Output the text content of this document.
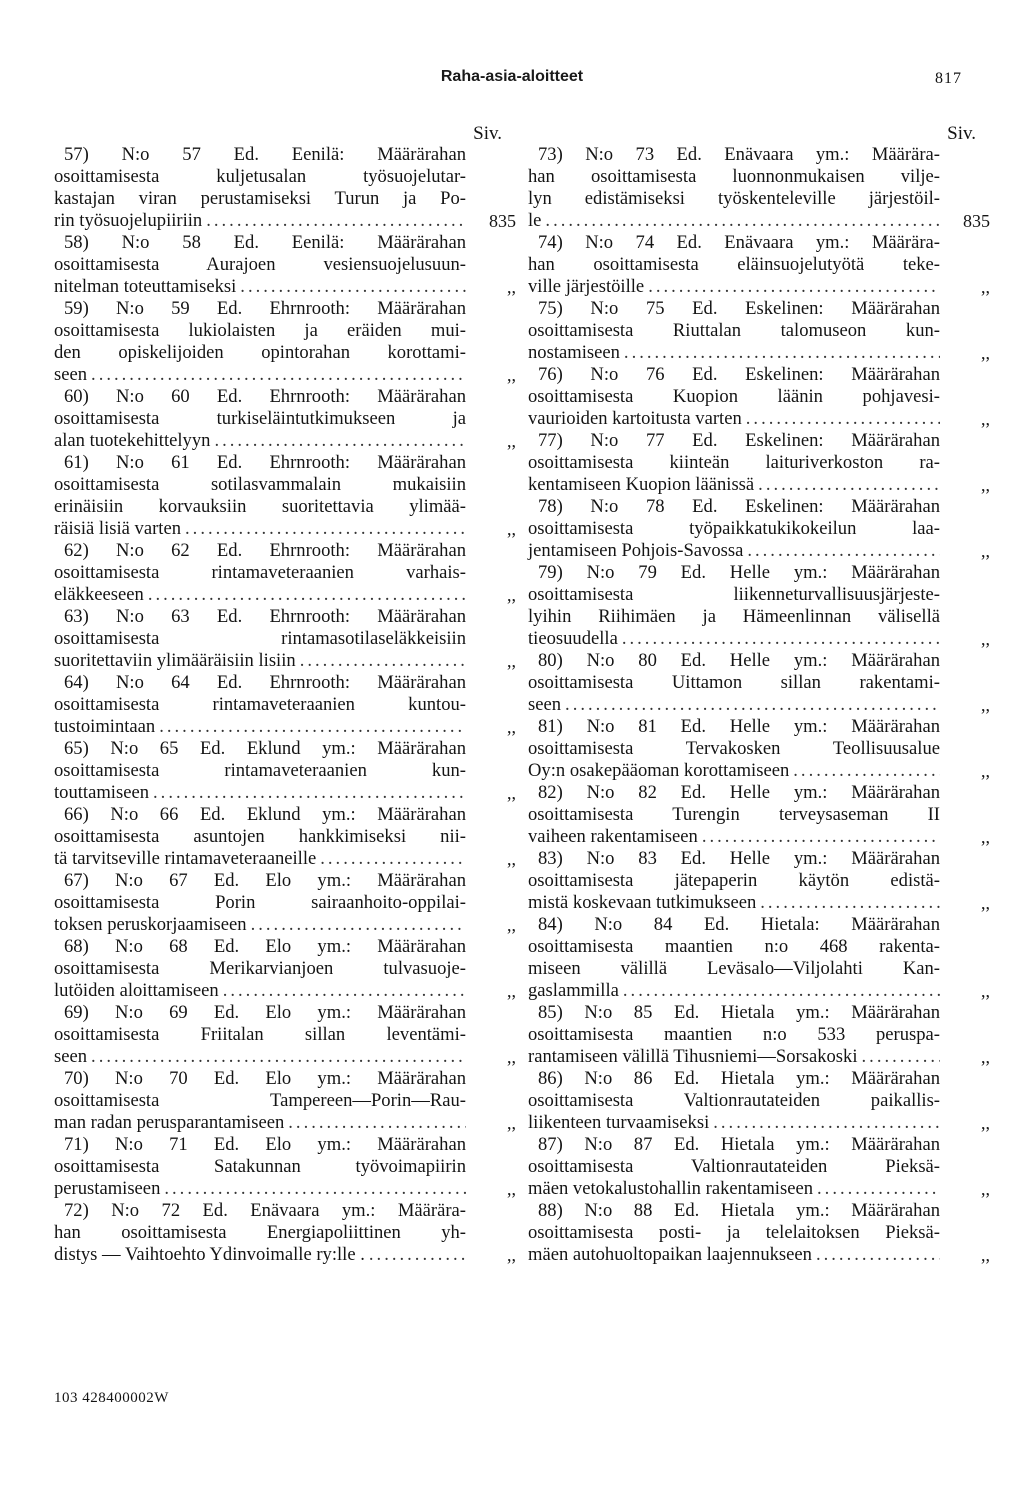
Raha-asia-aloitteet	817
Siv.
57) N:o 57 Ed. Eenilä: Määrärahan
osoittamisesta kuljetusalan työsuojelutar-
kastajan viran perustamiseksi Turun ja Po-
rin työsuojelupiiriin .....	835
58) N:o 58 Ed. Eenilä: Määrärahan
osoittamisesta Aurajoen vesiensuojelusuun-
nitelman toteuttamiseksi .....	,,
59) N:o 59 Ed. Ehrnrooth: Määrärahan
osoittamisesta lukiolaisten ja eräiden mui-
den opiskelijoiden opintorahan korottami-
seen .....	,,
60) N:o 60 Ed. Ehrnrooth: Määrärahan
osoittamisesta turkiseläintutkimukseen ja
alan tuotekehittelyyn .....	,,
61) N:o 61 Ed. Ehrnrooth: Määrärahan
osoittamisesta sotilasvammalain mukaisiin
erinäisiin korvauksiin suoritettavia ylimää-
räisiä lisiä varten .....	,,
62) N:o 62 Ed. Ehrnrooth: Määrärahan
osoittamisesta rintamaveteraanien varhais-
eläkkeeseen .....	,,
63) N:o 63 Ed. Ehrnrooth: Määrärahan
osoittamisesta rintamasotilaseläkkeisiin
suoritettaviin ylimääräisiin lisiin .....	,,
64) N:o 64 Ed. Ehrnrooth: Määrärahan
osoittamisesta rintamaveteraanien kuntou-
tustoimintaan .....	,,
65) N:o 65 Ed. Eklund ym.: Määrärahan
osoittamisesta rintamaveteraanien kun-
touttamiseen .....	,,
66) N:o 66 Ed. Eklund ym.: Määrärahan
osoittamisesta asuntojen hankkimiseksi nii-
tä tarvitseville rintamaveteraaneille .....	,,
67) N:o 67 Ed. Elo ym.: Määrärahan
osoittamisesta Porin sairaanhoito-oppilai-
toksen peruskorjaamiseen .....	,,
68) N:o 68 Ed. Elo ym.: Määrärahan
osoittamisesta Merikarvianjoen tulvasuoje-
lutöiden aloittamiseen .....	,,
69) N:o 69 Ed. Elo ym.: Määrärahan
osoittamisesta Friitalan sillan leventämi-
seen .....	,,
70) N:o 70 Ed. Elo ym.: Määrärahan
osoittamisesta Tampereen—Porin—Rau-
man radan perusparantamiseen .....	,,
71) N:o 71 Ed. Elo ym.: Määrärahan
osoittamisesta Satakunnan työvoimapiirin
perustamiseen .....	,,
72) N:o 72 Ed. Enävaara ym.: Määrära-
han osoittamisesta Energiapoliittinen yh-
distys — Vaihtoehto Ydinvoimalle ry:lle . .....	,,
Siv.
73) N:o 73 Ed. Enävaara ym.: Määrära-
han osoittamisesta luonnonmukaisen vilje-
lyn edistämiseksi työskenteleville järjestöil-
le .....	835
74) N:o 74 Ed. Enävaara ym.: Määrära-
han osoittamisesta eläinsuojelutyötä teke-
ville järjestöille .....	,,
75) N:o 75 Ed. Eskelinen: Määrärahan
osoittamisesta Riuttalan talomuseon kun-
nostamiseen .....	,,
76) N:o 76 Ed. Eskelinen: Määrärahan
osoittamisesta Kuopion läänin pohjavesi-
vaurioiden kartoitusta varten .....	,,
77) N:o 77 Ed. Eskelinen: Määrärahan
osoittamisesta kiinteän laituriverkoston ra-
kentamiseen Kuopion läänissä .....	,,
78) N:o 78 Ed. Eskelinen: Määrärahan
osoittamisesta työpaikkatukikokeilun laa-
jentamiseen Pohjois-Savossa .....	,,
79) N:o 79 Ed. Helle ym.: Määrärahan
osoittamisesta liikenneturvallisuusjärjeste-
lyihin Riihimäen ja Hämeenlinnan välisellä
tieosuudella .....	,,
80) N:o 80 Ed. Helle ym.: Määrärahan
osoittamisesta Uittamon sillan rakentami-
seen .....	,,
81) N:o 81 Ed. Helle ym.: Määrärahan
osoittamisesta Tervakosken Teollisuusalue
Oy:n osakepääoman korottamiseen .....	,,
82) N:o 82 Ed. Helle ym.: Määrärahan
osoittamisesta Turengin terveysaseman II
vaiheen rakentamiseen .....	,,
83) N:o 83 Ed. Helle ym.: Määrärahan
osoittamisesta jätepaperin käytön edistä-
mistä koskevaan tutkimukseen .....	,,
84) N:o 84 Ed. Hietala: Määrärahan
osoittamisesta maantien n:o 468 rakenta-
miseen välillä Leväsalo—Viljolahti Kan-
gaslammilla .....	,,
85) N:o 85 Ed. Hietala ym.: Määrärahan
osoittamisesta maantien n:o 533 peruspa-
rantamiseen välillä Tihusniemi—Sorsakoski .....	,,
86) N:o 86 Ed. Hietala ym.: Määrärahan
osoittamisesta Valtionrautateiden paikallis-
liikenteen turvaamiseksi .....	,,
87) N:o 87 Ed. Hietala ym.: Määrärahan
osoittamisesta Valtionrautateiden Pieksä-
mäen vetokalustohallin rakentamiseen .....	,,
88) N:o 88 Ed. Hietala ym.: Määrärahan
osoittamisesta posti- ja telelaitoksen Pieksä-
mäen autohuoltopaikan laajennukseen .....	,,
103 428400002W
